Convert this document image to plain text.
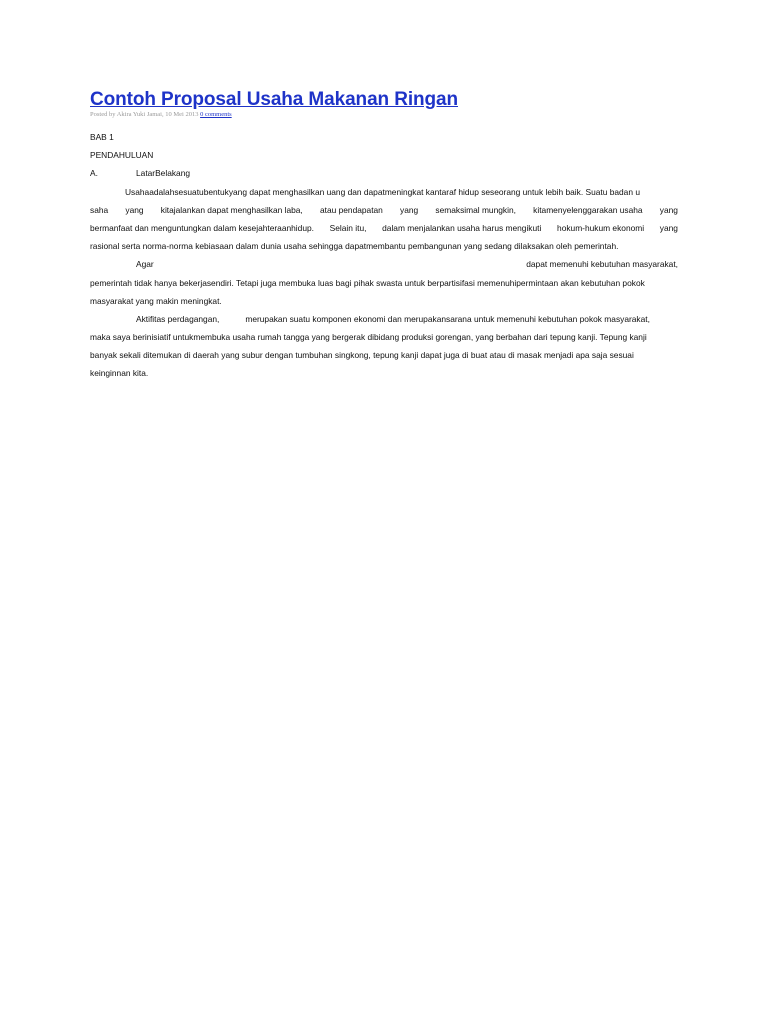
Contoh Proposal Usaha Makanan Ringan
Posted by Akira Yuki Jamai, 10 Mei 2013 0 comments
BAB 1
PENDAHULUAN
A.	LatarBelakang
Usahaadalahsesuatubentukyang dapat menghasilkan uang dan dapatmeningkat kantaraf hidup seseorang untuk lebih baik. Suatu badan u
saha yang kitajalankan dapat menghasilkan laba, atau pendapatan yang semaksimal mungkin, kitamenyelenggarakan usaha yang
bermanfaat dan menguntungkan dalam kesejahteraanhidup. Selain itu, dalam menjalankan usaha harus mengikuti hokum-hukum ekonomi yang
rasional serta norma-norma kebiasaan dalam dunia usaha sehingga dapatmembantu pembangunan yang sedang dilaksakan oleh pemerintah.
Agar	dapat memenuhi kebutuhan masyarakat,
pemerintah tidak hanya bekerjasendiri. Tetapi juga membuka luas bagi pihak swasta untuk berpartisifasi memenuhipermintaan akan kebutuhan pokok
masyarakat yang makin meningkat.
Aktifitas perdagangan,	merupakan suatu komponen ekonomi dan merupakansarana untuk memenuhi kebutuhan pokok masyarakat,
maka saya berinisiatif untukmembuka usaha rumah tangga yang bergerak dibidang produksi gorengan, yang berbahan dari tepung kanji. Tepung kanji
banyak sekali ditemukan di daerah yang subur dengan tumbuhan singkong, tepung kanji dapat juga di buat atau di masak menjadi apa saja sesuai
keinginnan kita.
